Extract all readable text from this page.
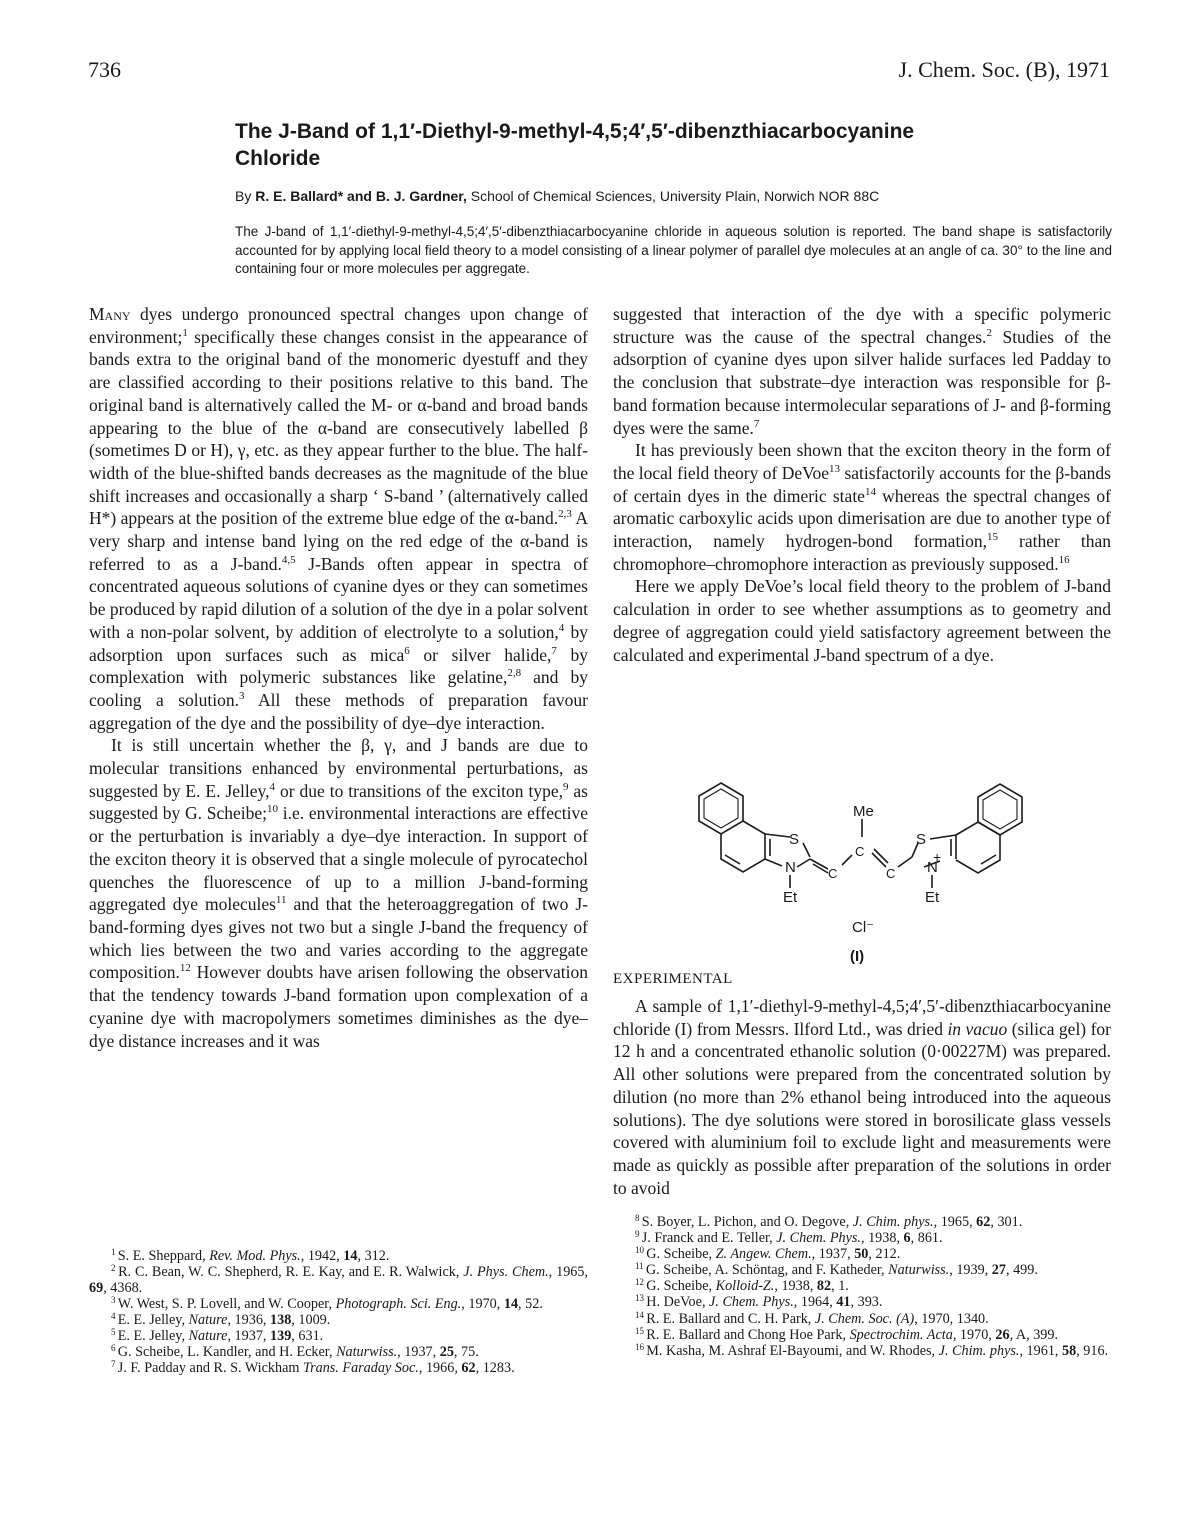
736	J. Chem. Soc. (B), 1971
The J-Band of 1,1′-Diethyl-9-methyl-4,5;4′,5′-dibenzthiacarbocyanine
Chloride
By R. E. Ballard* and B. J. Gardner, School of Chemical Sciences, University Plain, Norwich NOR 88C
The J-band of 1,1′-diethyl-9-methyl-4,5;4′,5′-dibenzthiacarbocyanine chloride in aqueous solution is reported. The band shape is satisfactorily accounted for by applying local field theory to a model consisting of a linear polymer of parallel dye molecules at an angle of ca. 30° to the line and containing four or more molecules per aggregate.

Many dyes undergo pronounced spectral changes upon change of environment;$^1$ specifically these changes consist in the appearance of bands extra to the original band of the monomeric dyestuff and they are classified according to their positions relative to this band. The original band is alternatively called the M- or α-band and broad bands appearing to the blue of the α-band are consecutively labelled β (sometimes D or H), γ, etc. as they appear further to the blue. The half-width of the blue-shifted bands decreases as the magnitude of the blue shift increases and occasionally a sharp ‘ S-band ’ (alternatively called H*) appears at the position of the extreme blue edge of the α-band.$^{2,3}$ A very sharp and intense band lying on the red edge of the α-band is referred to as a J-band.$^{4,5}$ J-Bands often appear in spectra of concentrated aqueous solutions of cyanine dyes or they can sometimes be produced by rapid dilution of a solution of the dye in a polar solvent with a non-polar solvent, by addition of electrolyte to a solution,$^4$ by adsorption upon surfaces such as mica$^6$ or silver halide,$^7$ by complexation with polymeric substances like gelatine,$^{2,8}$ and by cooling a solution.$^3$ All these methods of preparation favour aggregation of the dye and the possibility of dye–dye interaction.

It is still uncertain whether the β, γ, and J bands are due to molecular transitions enhanced by environmental perturbations, as suggested by E. E. Jelley,$^4$ or due to transitions of the exciton type,$^9$ as suggested by G. Scheibe;$^{10}$ i.e. environmental interactions are effective or the perturbation is invariably a dye–dye interaction. In support of the exciton theory it is observed that a single molecule of pyrocatechol quenches the fluorescence of up to a million J-band-forming aggregated dye molecules$^{11}$ and that the heteroaggregation of two J-band-forming dyes gives not two but a single J-band the frequency of which lies between the two and varies according to the aggregate composition.$^{12}$ However doubts have arisen following the observation that the tendency towards J-band formation upon complexation of a cyanine dye with macropolymers sometimes diminishes as the dye–dye distance increases and it was

suggested that interaction of the dye with a specific polymeric structure was the cause of the spectral changes.$^2$ Studies of the adsorption of cyanine dyes upon silver halide surfaces led Padday to the conclusion that substrate–dye interaction was responsible for β-band formation because intermolecular separations of J- and β-forming dyes were the same.$^7$

It has previously been shown that the exciton theory in the form of the local field theory of DeVoe$^{13}$ satisfactorily accounts for the β-bands of certain dyes in the dimeric state$^{14}$ whereas the spectral changes of aromatic carboxylic acids upon dimerisation are due to another type of interaction, namely hydrogen-bond formation,$^{15}$ rather than chromophore–chromophore interaction as previously supposed.$^{16}$

Here we apply DeVoe’s local field theory to the problem of J-band calculation in order to see whether assumptions as to geometry and degree of aggregation could yield satisfactory agreement between the calculated and experimental J-band spectrum of a dye.

S
N
Et
C
C
Me
C
S
+
N
Et
Cl⁻
(I)
EXPERIMENTAL

A sample of 1,1′-diethyl-9-methyl-4,5;4′,5′-dibenzthiacarbocyanine chloride (I) from Messrs. Ilford Ltd., was dried in vacuo (silica gel) for 12 h and a concentrated ethanolic solution (0·00227M) was prepared. All other solutions were prepared from the concentrated solution by dilution (no more than 2% ethanol being introduced into the aqueous solutions). The dye solutions were stored in borosilicate glass vessels covered with aluminium foil to exclude light and measurements were made as quickly as possible after preparation of the solutions in order to avoid

$^1$ S. E. Sheppard, Rev. Mod. Phys., 1942, 14, 312.

$^2$ R. C. Bean, W. C. Shepherd, R. E. Kay, and E. R. Walwick, J. Phys. Chem., 1965, 69, 4368.

$^3$ W. West, S. P. Lovell, and W. Cooper, Photograph. Sci. Eng., 1970, 14, 52.

$^4$ E. E. Jelley, Nature, 1936, 138, 1009.

$^5$ E. E. Jelley, Nature, 1937, 139, 631.

$^6$ G. Scheibe, L. Kandler, and H. Ecker, Naturwiss., 1937, 25, 75.

$^7$ J. F. Padday and R. S. Wickham Trans. Faraday Soc., 1966, 62, 1283.

$^8$ S. Boyer, L. Pichon, and O. Degove, J. Chim. phys., 1965, 62, 301.

$^9$ J. Franck and E. Teller, J. Chem. Phys., 1938, 6, 861.

$^{10}$ G. Scheibe, Z. Angew. Chem., 1937, 50, 212.

$^{11}$ G. Scheibe, A. Schöntag, and F. Katheder, Naturwiss., 1939, 27, 499.

$^{12}$ G. Scheibe, Kolloid-Z., 1938, 82, 1.

$^{13}$ H. DeVoe, J. Chem. Phys., 1964, 41, 393.

$^{14}$ R. E. Ballard and C. H. Park, J. Chem. Soc. (A), 1970, 1340.

$^{15}$ R. E. Ballard and Chong Hoe Park, Spectrochim. Acta, 1970, 26, A, 399.

$^{16}$ M. Kasha, M. Ashraf El-Bayoumi, and W. Rhodes, J. Chim. phys., 1961, 58, 916.
